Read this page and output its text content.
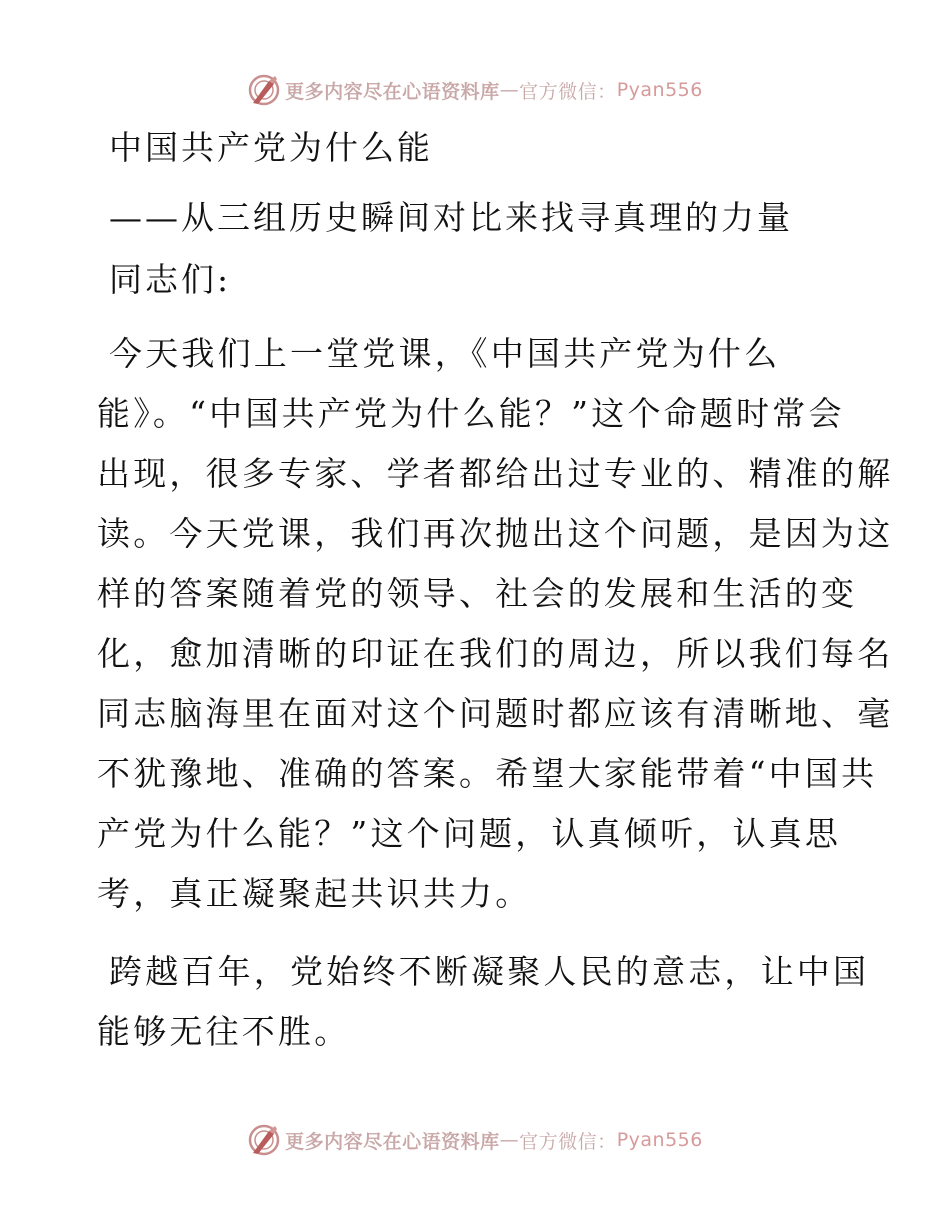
更多内容尽在心语资料库 — 官方微信： Pyan556

中国共产党为什么能

——从三组历史瞬间对比来找寻真理的力量

同志们:

今天我们上一堂党课，《中国共产党为什么
能》。“中国共产党为什么能？”这个命题时常会
出现，很多专家、学者都给出过专业的、精准的解
读。今天党课，我们再次抛出这个问题，是因为这
样的答案随着党的领导、社会的发展和生活的变
化，愈加清晰的印证在我们的周边，所以我们每名
同志脑海里在面对这个问题时都应该有清晰地、毫
不犹豫地、准确的答案。希望大家能带着“中国共
产党为什么能？”这个问题，认真倾听，认真思
考，真正凝聚起共识共力。

跨越百年，党始终不断凝聚人民的意志，让中国
能够无往不胜。

更多内容尽在心语资料库 — 官方微信： Pyan556
